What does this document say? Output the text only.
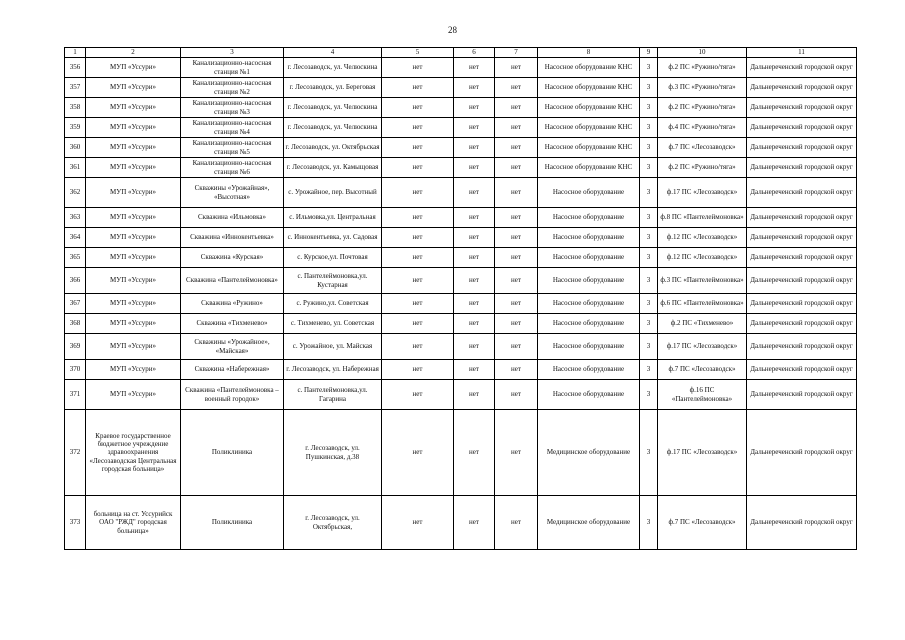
28
1	2	3	4	5	6	7	8	9	10	11
356	МУП «Уссури»	Канализационно-насосная станция №1	г. Лесозаводск, ул. Челюскина	нет	нет	нет	Насосное оборудование КНС	3	ф.2 ПС «Ружино/тяга»	Дальнереченский городской округ
357	МУП «Уссури»	Канализационно-насосная станция №2	г. Лесозаводск, ул. Береговая	нет	нет	нет	Насосное оборудование КНС	3	ф.3 ПС «Ружино/тяга»	Дальнереченский городской округ
358	МУП «Уссури»	Канализационно-насосная станция №3	г. Лесозаводск, ул. Челюскина	нет	нет	нет	Насосное оборудование КНС	3	ф.2 ПС «Ружино/тяга»	Дальнереченский городской округ
359	МУП «Уссури»	Канализационно-насосная станция №4	г. Лесозаводск, ул. Челюскина	нет	нет	нет	Насосное оборудование КНС	3	ф.4 ПС «Ружино/тяга»	Дальнереченский городской округ
360	МУП «Уссури»	Канализационно-насосная станция №5	г. Лесозаводск, ул. Октябрьская	нет	нет	нет	Насосное оборудование КНС	3	ф.7 ПС «Лесозаводск»	Дальнереченский городской округ
361	МУП «Уссури»	Канализационно-насосная станция №6	г. Лесозаводск, ул. Камыщовая	нет	нет	нет	Насосное оборудование КНС	3	ф.2 ПС «Ружино/тяга»	Дальнереченский городской округ
362	МУП «Уссури»	Скважины «Урожайная», «Высотная»	с. Урожайное, пер. Высотный	нет	нет	нет	Насосное оборудование	3	ф.17 ПС «Лесозаводск»	Дальнереченский городской округ
363	МУП «Уссури»	Скважина «Ильмовка»	с. Ильмовка,ул. Центральная	нет	нет	нет	Насосное оборудование	3	ф.8 ПС «Пантелеймоновка»	Дальнереченский городской округ
364	МУП «Уссури»	Скважина «Иннокентьевка»	с. Иннокентьевка, ул. Садовая	нет	нет	нет	Насосное оборудование	3	ф.12 ПС «Лесозаводск»	Дальнереченский городской округ
365	МУП «Уссури»	Скважина «Курская»	с. Курское,ул. Почтовая	нет	нет	нет	Насосное оборудование	3	ф.12 ПС «Лесозаводск»	Дальнереченский городской округ
366	МУП «Уссури»	Скважина «Пантелеймоновка»	с. Пантелеймоновка,ул. Кустарная	нет	нет	нет	Насосное оборудование	3	ф.3 ПС «Пантелеймоновка»	Дальнереченский городской округ
367	МУП «Уссури»	Скважина «Ружино»	с. Ружино,ул. Советская	нет	нет	нет	Насосное оборудование	3	ф.6 ПС «Пантелеймоновка»	Дальнереченский городской округ
368	МУП «Уссури»	Скважина «Тихменево»	с. Тихменево, ул. Советская	нет	нет	нет	Насосное оборудование	3	ф.2 ПС «Тихменево»	Дальнереченский городской округ
369	МУП «Уссури»	Скважины «Урожайное», «Майская»	с. Урожайное, ул. Майская	нет	нет	нет	Насосное оборудование	3	ф.17 ПС «Лесозаводск»	Дальнереченский городской округ
370	МУП «Уссури»	Скважина «Набережная»	г. Лесозаводск, ул. Набережная	нет	нет	нет	Насосное оборудование	3	ф.7 ПС «Лесозаводск»	Дальнереченский городской округ
371	МУП «Уссури»	Скважина «Пантелеймоновка – военный городок»	с. Пантелеймоновка,ул. Гагарина	нет	нет	нет	Насосное оборудование	3	ф.16 ПС «Пантелеймоновка»	Дальнереченский городской округ
372	Краевое государственное бюджетное учреждение здравоохранения «Лесозаводская Центральная городская больница»	Поликлиника	г. Лесозаводск, ул. Пушкинская, д.38	нет	нет	нет	Медицинское оборудование	3	ф.17 ПС «Лесозаводск»	Дальнереченский городской округ
373	больница на ст. Уссурийск ОАО "РЖД" городская больница»	Поликлиника	г. Лесозаводск, ул. Октябрьская,	нет	нет	нет	Медицинское оборудование	3	ф.7 ПС «Лесозаводск»	Дальнереченский городской округ
